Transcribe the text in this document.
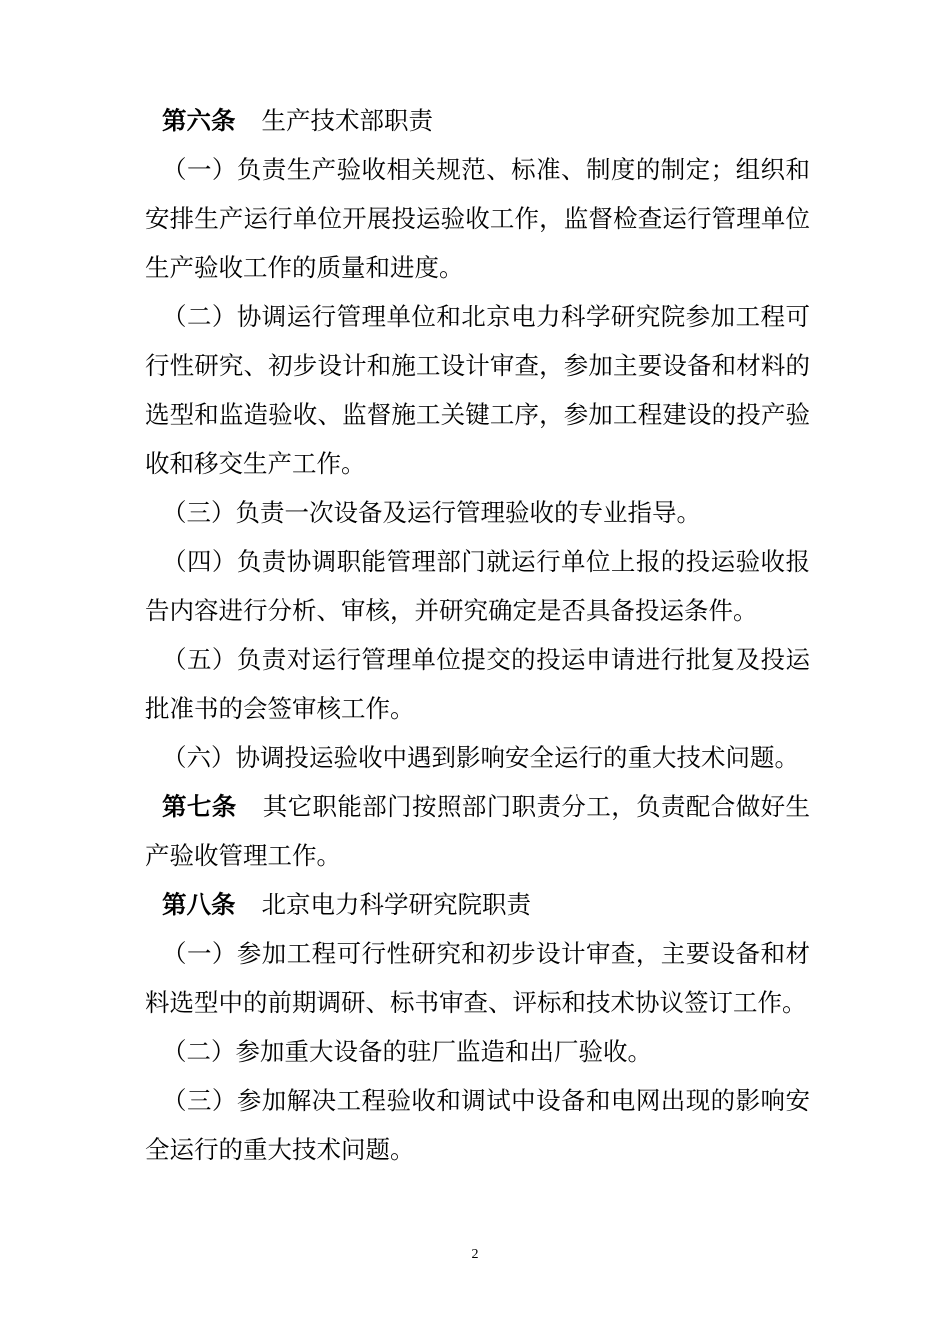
第六条 生产技术部职责

（一）负责生产验收相关规范、标准、制度的制定；组织和安排生产运行单位开展投运验收工作，监督检查运行管理单位生产验收工作的质量和进度。

（二）协调运行管理单位和北京电力科学研究院参加工程可行性研究、初步设计和施工设计审查，参加主要设备和材料的选型和监造验收、监督施工关键工序，参加工程建设的投产验收和移交生产工作。

（三）负责一次设备及运行管理验收的专业指导。

（四）负责协调职能管理部门就运行单位上报的投运验收报告内容进行分析、审核，并研究确定是否具备投运条件。

（五）负责对运行管理单位提交的投运申请进行批复及投运批准书的会签审核工作。

（六）协调投运验收中遇到影响安全运行的重大技术问题。

第七条 其它职能部门按照部门职责分工，负责配合做好生产验收管理工作。

第八条 北京电力科学研究院职责

（一）参加工程可行性研究和初步设计审查，主要设备和材料选型中的前期调研、标书审查、评标和技术协议签订工作。

（二）参加重大设备的驻厂监造和出厂验收。

（三）参加解决工程验收和调试中设备和电网出现的影响安全运行的重大技术问题。

2
